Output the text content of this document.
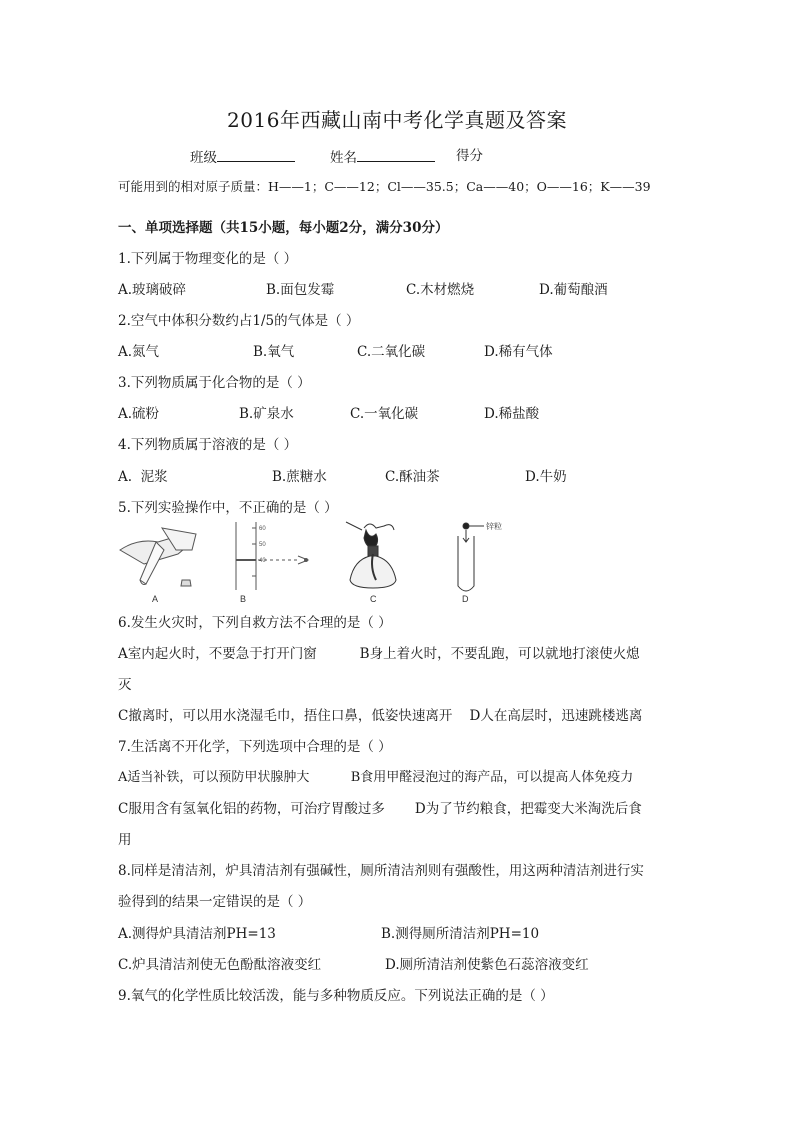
2016年西藏山南中考化学真题及答案
班级	姓名	得分
可能用到的相对原子质量：H——1；C——12；Cl——35.5；Ca——40；O——16；K——39
一、单项选择题（共15小题，每小题2分，满分30分）
1.下列属于物理变化的是（ ）
A.玻璃破碎	B.面包发霉	C.木材燃烧	D.葡萄酿酒
2.空气中体积分数约占1/5的气体是（ ）
A.氮气	B.氧气	C.二氧化碳	D.稀有气体
3.下列物质属于化合物的是（ ）
A.硫粉	B.矿泉水	C.一氧化碳	D.稀盐酸
4.下列物质属于溶液的是（ ）
A.  泥浆	B.蔗糖水	C.酥油茶	D.牛奶
5.下列实验操作中，不正确的是（ ）
A
60
50
40
B	C
锌粒
D
6.发生火灾时，下列自救方法不合理的是（ ）
A室内起火时，不要急于打开门窗          B身上着火时，不要乱跑，可以就地打滚使火熄
灭
C撤离时，可以用水浇湿毛巾，捂住口鼻，低姿快速离开    D人在高层时，迅速跳楼逃离
7.生活离不开化学，下列选项中合理的是（ ）
A适当补铁，可以预防甲状腺肿大          B食用甲醛浸泡过的海产品，可以提高人体免疫力
C服用含有氢氧化铝的药物，可治疗胃酸过多       D为了节约粮食，把霉变大米淘洗后食
用
8.同样是清洁剂，炉具清洁剂有强碱性，厕所清洁剂则有强酸性，用这两种清洁剂进行实
验得到的结果一定错误的是（ ）
A.测得炉具清洁剂PH=13	B.测得厕所清洁剂PH=10
C.炉具清洁剂使无色酚酞溶液变红	D.厕所清洁剂使紫色石蕊溶液变红
9.氧气的化学性质比较活泼，能与多种物质反应。下列说法正确的是（ ）
